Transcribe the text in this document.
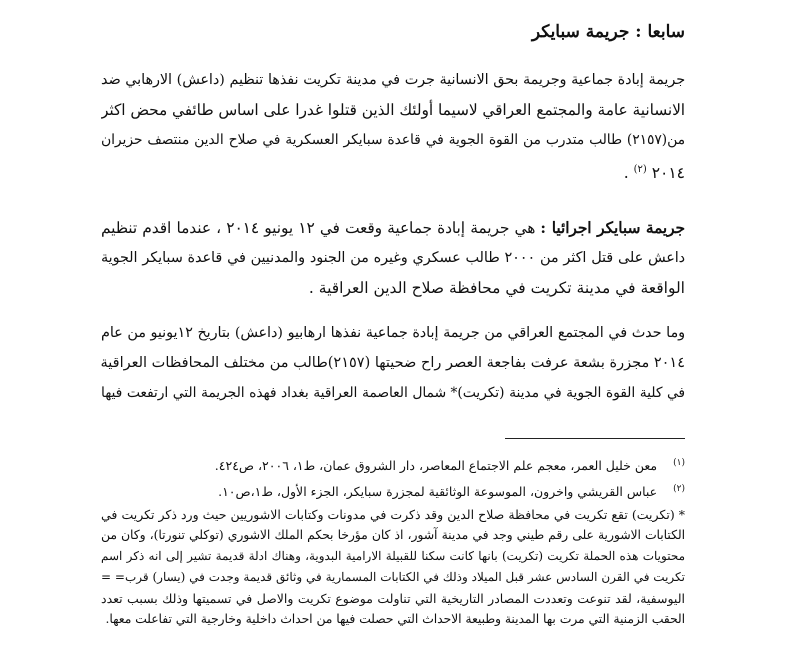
سابعا : جريمة سبايكر
جريمة إبادة جماعية وجريمة بحق الانسانية جرت في مدينة تكريت نفذها تنظيم (داعش) الارهابي ضد
الانسانية عامة والمجتمع العراقي لاسيما أولئك الذين قتلوا غدرا على اساس طائفي محض اكثر
من(٢١٥٧) طالب متدرب من القوة الجوية في قاعدة سبايكر العسكرية في صلاح الدين منتصف حزيران
٢٠١٤ $^{(٢)}$ .
جريمة سبايكر اجرائيا : هي جريمة إبادة جماعية وقعت في ١٢ يونيو ٢٠١٤ ، عندما اقدم تنظيم
داعش على قتل اكثر من ٢٠٠٠ طالب عسكري وغيره من الجنود والمدنيين في قاعدة سبايكر الجوية
الواقعة في مدينة تكريت في محافظة صلاح الدين العراقية .
وما حدث في المجتمع العراقي من جريمة إبادة جماعية نفذها ارهابيو (داعش) بتاريخ ١٢يونيو من عام
٢٠١٤ مجزرة بشعة عرفت بفاجعة العصر راح ضحيتها (٢١٥٧)طالب من مختلف المحافظات العراقية
في كلية القوة الجوية في مدينة (تكريت)* شمال العاصمة العراقية بغداد فهذه الجريمة التي ارتفعت فيها
$^{(١)}$معن خليل العمر، معجم علم الاجتماع المعاصر، دار الشروق عمان، ط١، ٢٠٠٦، ص٤٢٤.
$^{(٢)}$عباس القريشي واخرون، الموسوعة الوثائقية لمجزرة سبايكر، الجزء الأول، ط١،ص١٠.
* (تكريت) تقع تكريت في محافظة صلاح الدين وقد ذكرت في مدونات وكتابات الاشوريين حيث ورد ذكر تكريت في
الكتابات الاشورية على رقم طيني وجد في مدينة آشور، اذ كان مؤرخا بحكم الملك الاشوري (توكلي تنورتا)، وكان من
محتويات هذه الحملة تكريت (تكريت) بانها كانت سكنا للقبيلة الارامية البدوية، وهناك ادلة قديمة تشير إلى انه ذكر اسم
تكريت في القرن السادس عشر قبل الميلاد وذلك في الكتابات المسمارية في وثائق قديمة وجدت في (يسار) قرب= =
اليوسفية، لقد تنوعت وتعددت المصادر التاريخية التي تناولت موضوع تكريت والاصل في تسميتها وذلك بسبب تعدد
الحقب الزمنية التي مرت بها المدينة وطبيعة الاحداث التي حصلت فيها من احداث داخلية وخارجية التي تفاعلت معها.
